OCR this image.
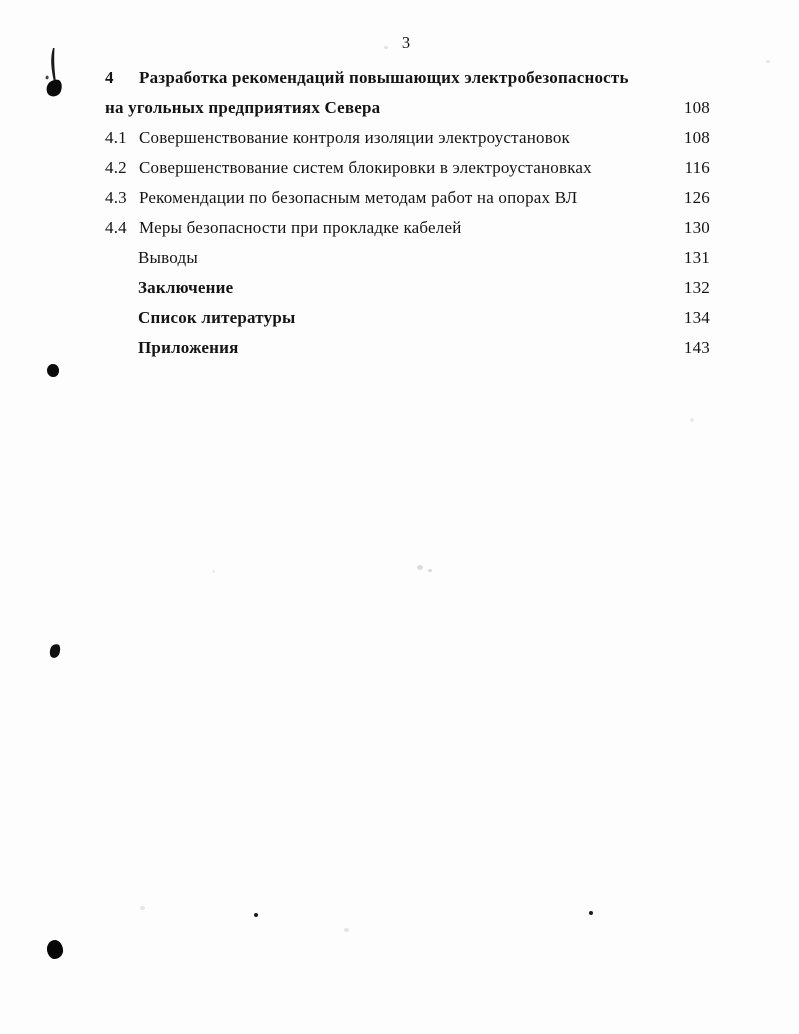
3
4	Разработка рекомендаций повышающих электробезопасность
на угольных предприятиях Севера	108
4.1 Совершенствование контроля изоляции электроустановок	108
4.2 Совершенствование систем блокировки в электроустановках	116
4.3 Рекомендации по безопасным методам работ на опорах ВЛ	126
4.4 Меры безопасности при прокладке кабелей	130
Выводы	131
Заключение	132
Список литературы	134
Приложения	143
